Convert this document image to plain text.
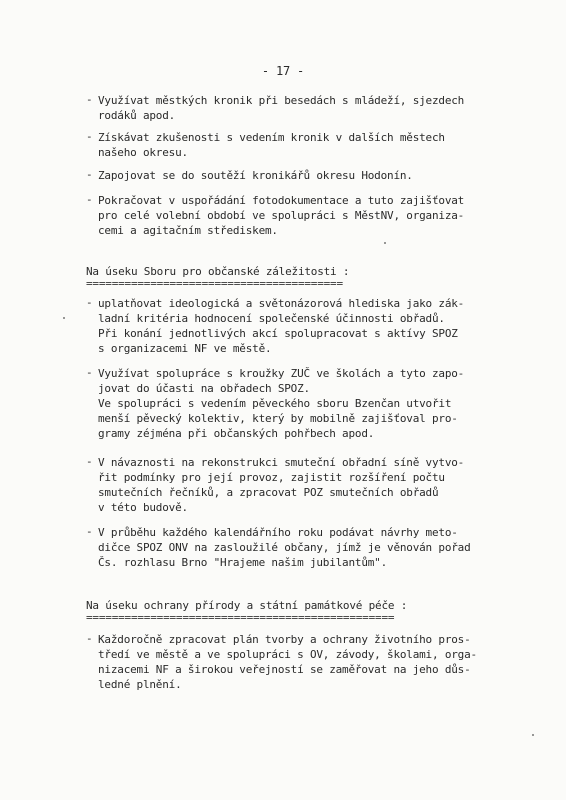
- 17 -
- Využívat městkých kronik při besedách s mládeží, sjezdech
rodáků apod.
- Získávat zkušenosti s vedením kronik v dalších městech
našeho okresu.
- Zapojovat se do soutěží kronikářů okresu Hodonín.
- Pokračovat v uspořádání fotodokumentace a tuto zajišťovat
pro celé volební období ve spolupráci s MěstNV, organiza-
cemi a agitačním střediskem.
Na úseku Sboru pro občanské záležitosti :
========================================
- uplatňovat ideologická a světonázorová hlediska jako zák-
ladní kritéria hodnocení společenské účinnosti obřadů.
Při konání jednotlivých akcí spolupracovat s aktívy SPOZ
s organizacemi NF ve městě.
- Využívat spolupráce s kroužky ZUČ ve školách a tyto zapo-
jovat do účasti na obřadech SPOZ.
Ve spolupráci s vedením pěveckého sboru Bzenčan utvořit
menší pěvecký kolektiv, který by mobilně zajišťoval pro-
gramy zéjména při občanských pohřbech apod.
- V návaznosti na rekonstrukci smuteční obřadní síně vytvo-
řit podmínky pro její provoz, zajistit rozšíření počtu
smutečních řečníků, a zpracovat POZ smutečních obřadů
v této budově.
- V průběhu každého kalendářního roku podávat návrhy meto-
dičce SPOZ ONV na zasloužilé občany, jímž je věnován pořad
Čs. rozhlasu Brno "Hrajeme našim jubilantům".
Na úseku ochrany přírody a státní památkové péče :
================================================
- Každoročně zpracovat plán tvorby a ochrany životního pros-
tředí ve městě a ve spolupráci s OV, závody, školami, orga-
nizacemi NF a širokou veřejností se zaměřovat na jeho důs-
ledné plnění.
